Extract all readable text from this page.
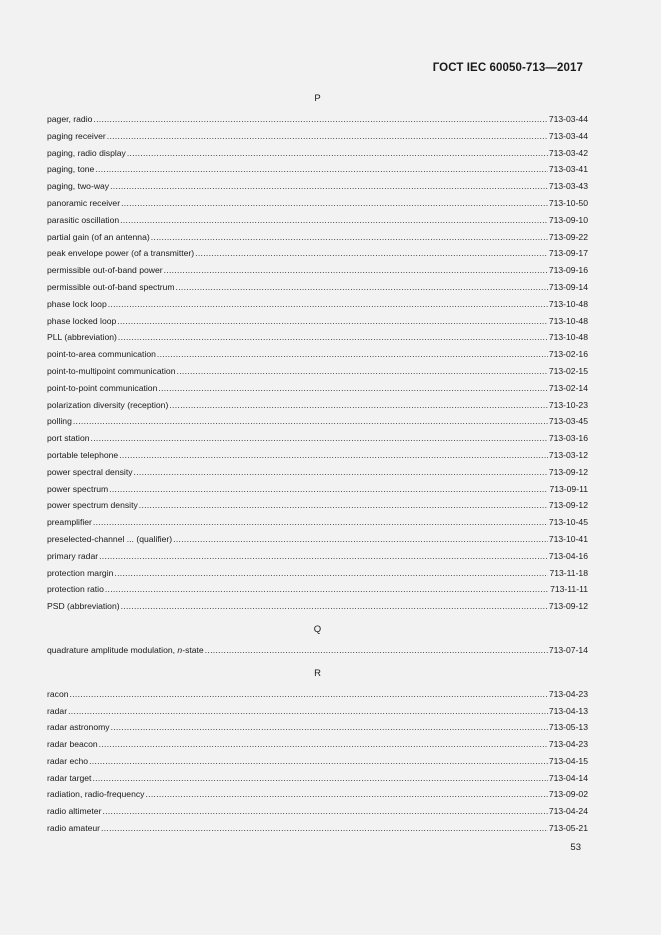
ГОСТ IEC 60050-713—2017
P
pager, radio .....	713-03-44
paging receiver .....	713-03-44
paging, radio display .....	713-03-42
paging, tone .....	713-03-41
paging, two-way .....	713-03-43
panoramic receiver .....	713-10-50
parasitic oscillation .....	713-09-10
partial gain (of an antenna) .....	713-09-22
peak envelope power (of a transmitter) .....	713-09-17
permissible out-of-band power .....	713-09-16
permissible out-of-band spectrum .....	713-09-14
phase lock loop .....	713-10-48
phase locked loop .....	713-10-48
PLL (abbreviation) .....	713-10-48
point-to-area communication .....	713-02-16
point-to-multipoint communication .....	713-02-15
point-to-point communication .....	713-02-14
polarization diversity (reception) .....	713-10-23
polling .....	713-03-45
port station .....	713-03-16
portable telephone .....	713-03-12
power spectral density .....	713-09-12
power spectrum .....	713-09-11
power spectrum density .....	713-09-12
preamplifier .....	713-10-45
preselected-channel ... (qualifier) .....	713-10-41
primary radar .....	713-04-16
protection margin .....	713-11-18
protection ratio .....	713-11-11
PSD (abbreviation) .....	713-09-12
Q
quadrature amplitude modulation, n-state .....	713-07-14
R
racon .....	713-04-23
radar .....	713-04-13
radar astronomy .....	713-05-13
radar beacon .....	713-04-23
radar echo .....	713-04-15
radar target .....	713-04-14
radiation, radio-frequency .....	713-09-02
radio altimeter .....	713-04-24
radio amateur .....	713-05-21
53
